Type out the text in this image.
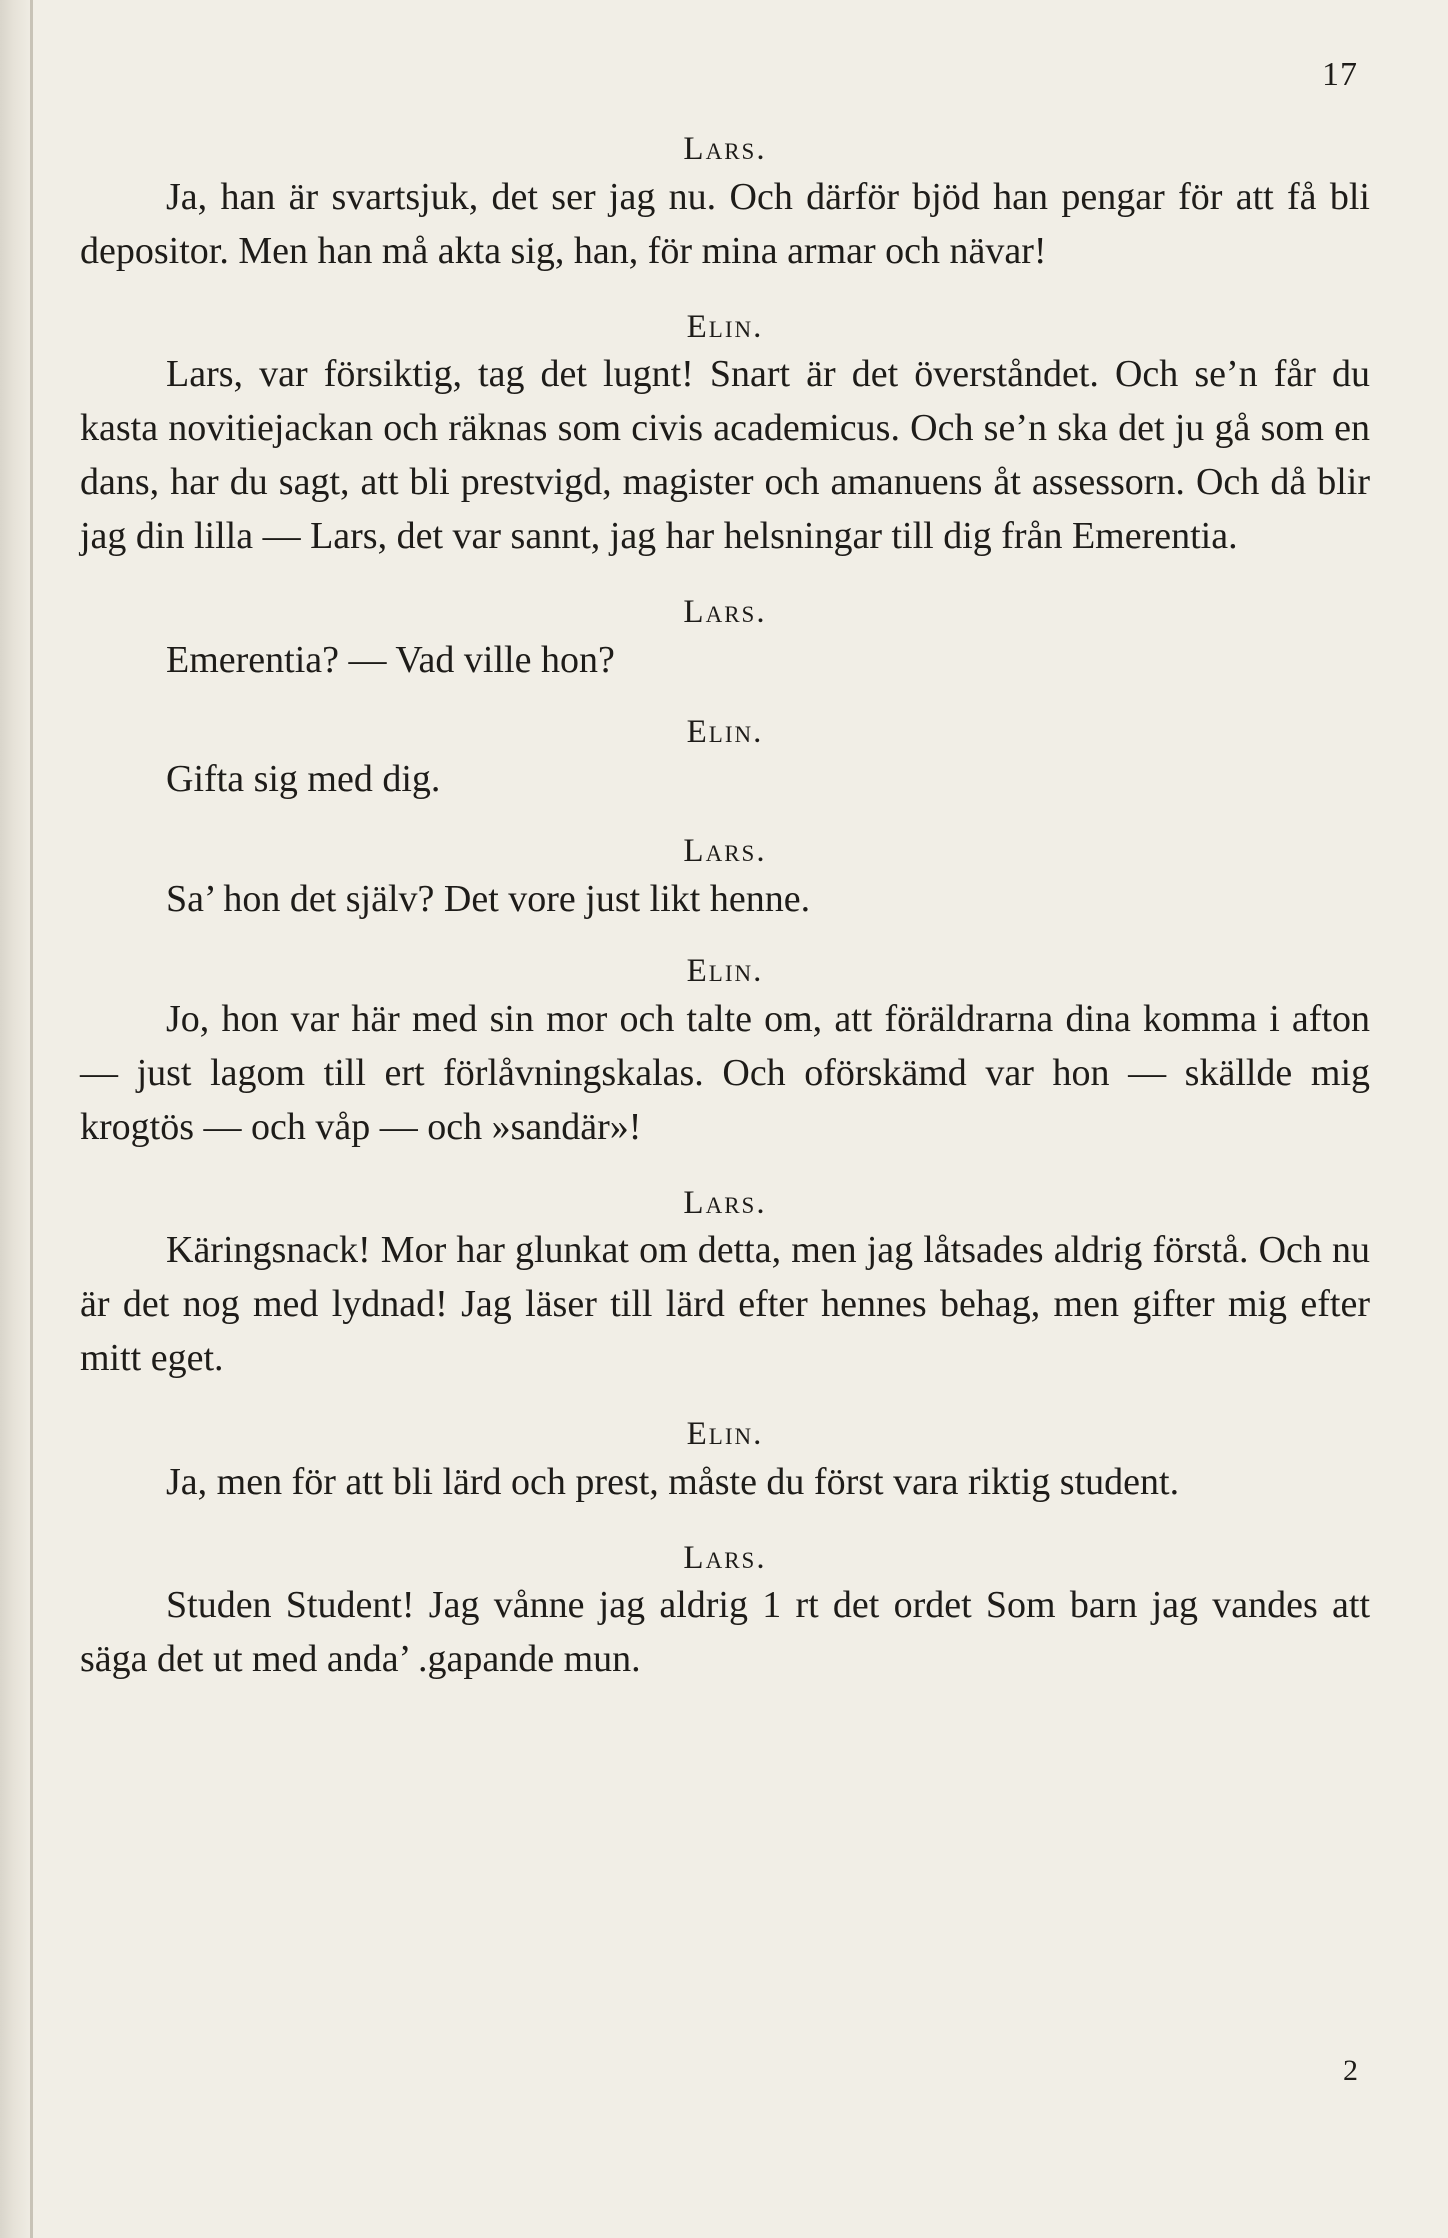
17

Lars.

Ja, han är svartsjuk, det ser jag nu. Och därför bjöd han pengar för att få bli depositor. Men han må akta sig, han, för mina armar och nävar!

Elin.

Lars, var försiktig, tag det lugnt! Snart är det överståndet. Och se’n får du kasta novitiejackan och räknas som civis academicus. Och se’n ska det ju gå som en dans, har du sagt, att bli prestvigd, magister och amanuens åt assessorn. Och då blir jag din lilla — Lars, det var sannt, jag har helsningar till dig från Emerentia.

Lars.

Emerentia? — Vad ville hon?

Elin.

Gifta sig med dig.

Lars.

Sa’ hon det själv? Det vore just likt henne.

Elin.

Jo, hon var här med sin mor och talte om, att föräldrarna dina komma i afton — just lagom till ert förlåvningskalas. Och oförskämd var hon — skällde mig krogtös — och våp — och »sandär»!

Lars.

Käringsnack! Mor har glunkat om detta, men jag låtsades aldrig förstå. Och nu är det nog med lydnad! Jag läser till lärd efter hennes behag, men gifter mig efter mitt eget.

Elin.

Ja, men för att bli lärd och prest, måste du först vara riktig student.

Lars.

Studen Student! Jag vånne jag aldrig 1 rt det ordet Som barn jag vandes att säga det ut med anda’ .gapande mun.

2
